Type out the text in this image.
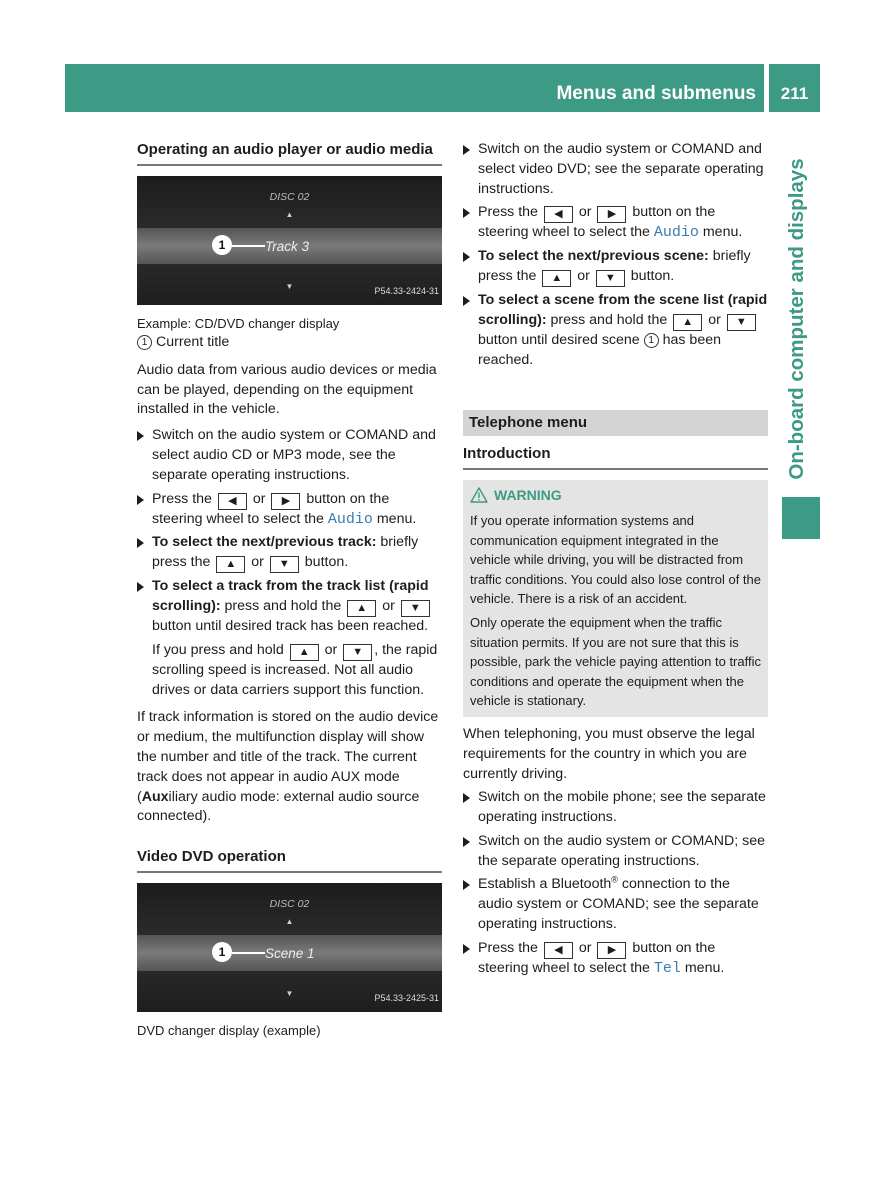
Menus and submenus	211
On-board computer and displays
Operating an audio player or audio media
DISC 02
▲
1	Track 3
▼	P54.33-2424-31

Example: CD/DVD changer display

1 Current title

Audio data from various audio devices or media can be played, depending on the equipment installed in the vehicle.

Switch on the audio system or COMAND and select audio CD or MP3 mode, see the separate operating instructions.
Press the ◀ or ▶ button on the steering wheel to select the Audio menu.
To select the next/previous track: briefly press the ▲ or ▼ button.
To select a track from the track list (rapid scrolling): press and hold the ▲ or ▼ button until desired track has been reached.

If you press and hold ▲ or ▼ , the rapid scrolling speed is increased. Not all audio drives or data carriers support this function.

If track information is stored on the audio device or medium, the multifunction display will show the number and title of the track. The current track does not appear in audio AUX mode (Auxiliary audio mode: external audio source connected).

Video DVD operation
DISC 02
▲
1	Scene 1
▼	P54.33-2425-31

DVD changer display (example)

Switch on the audio system or COMAND and select video DVD; see the separate operating instructions.
Press the ◀ or ▶ button on the steering wheel to select the Audio menu.
To select the next/previous scene: briefly press the ▲ or ▼ button.
To select a scene from the scene list (rapid scrolling): press and hold the ▲ or ▼ button until desired scene 1 has been reached.
Telephone menu
Introduction
WARNING

If you operate information systems and communication equipment integrated in the vehicle while driving, you will be distracted from traffic conditions. You could also lose control of the vehicle. There is a risk of an accident.

Only operate the equipment when the traffic situation permits. If you are not sure that this is possible, park the vehicle paying attention to traffic conditions and operate the equipment when the vehicle is stationary.

When telephoning, you must observe the legal requirements for the country in which you are currently driving.

Switch on the mobile phone; see the separate operating instructions.
Switch on the audio system or COMAND; see the separate operating instructions.
Establish a Bluetooth® connection to the audio system or COMAND; see the separate operating instructions.
Press the ◀ or ▶ button on the steering wheel to select the Tel menu.
